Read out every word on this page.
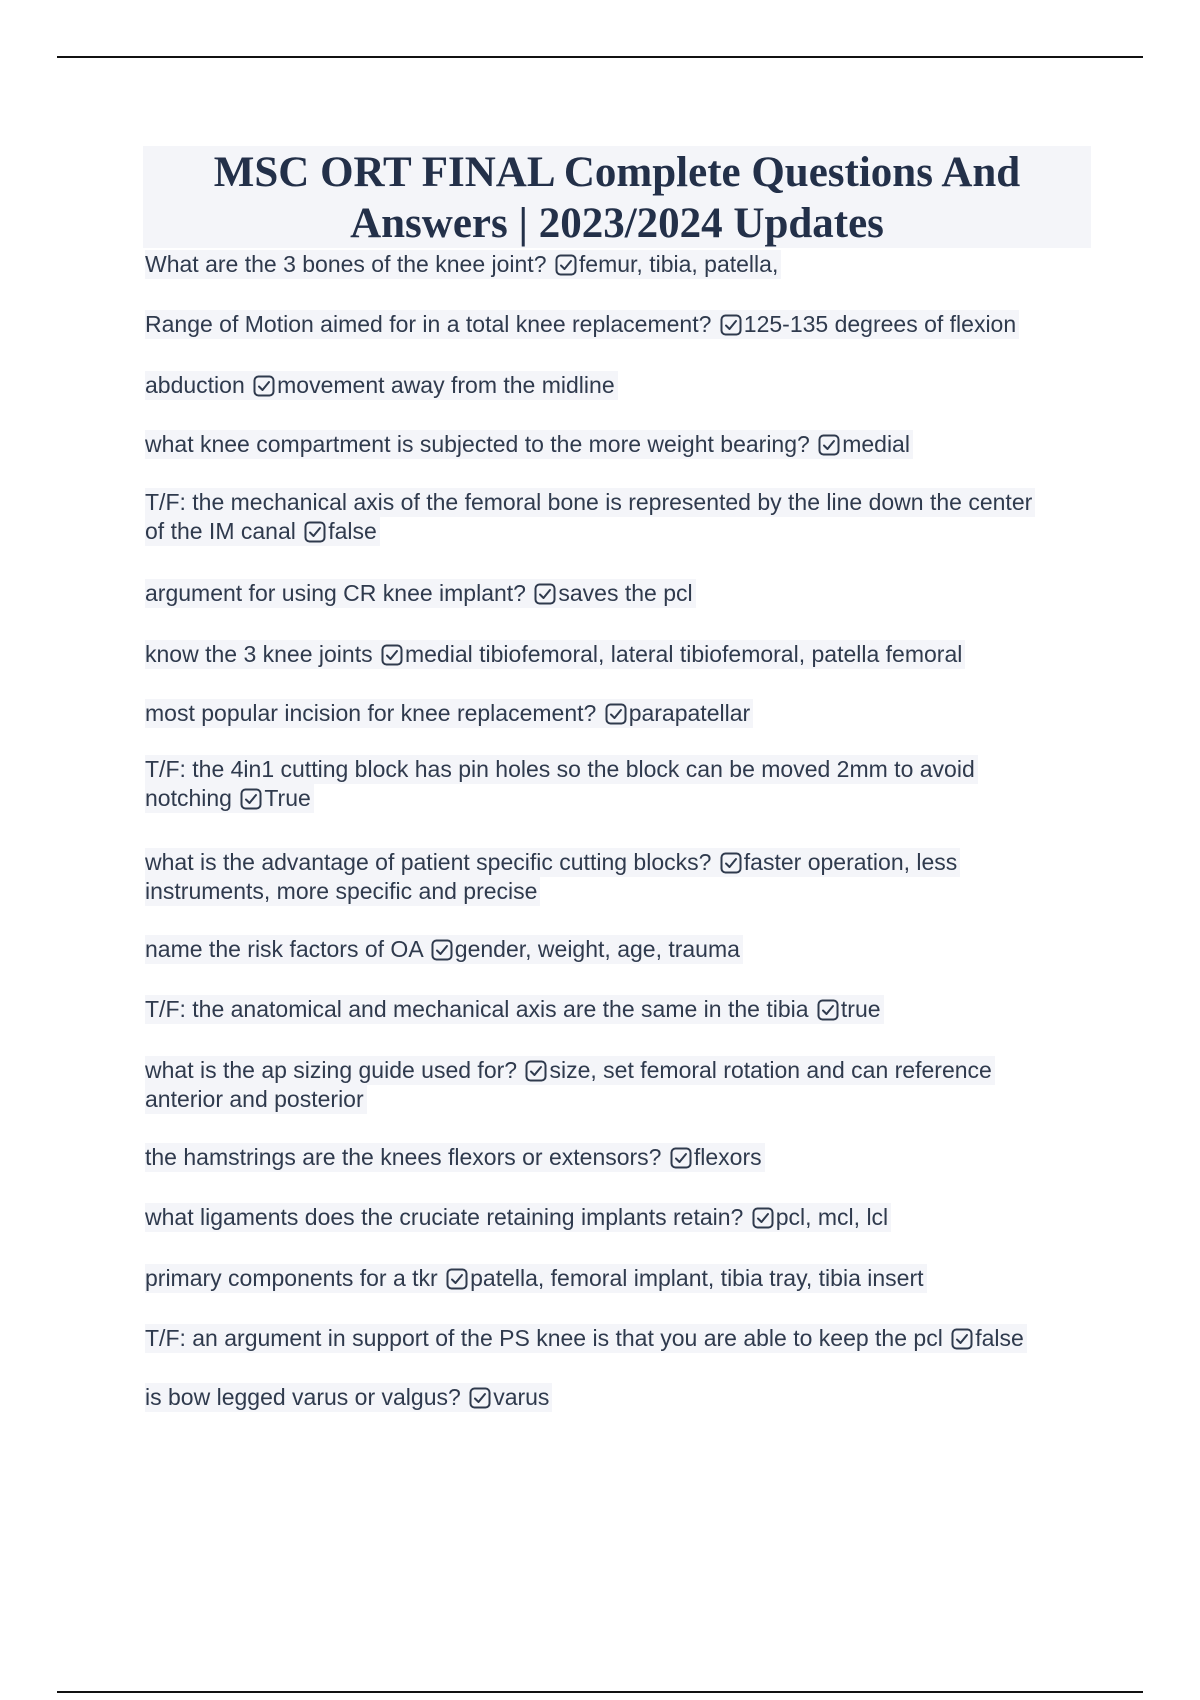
MSC ORT FINAL Complete Questions And
Answers | 2023/2024 Updates
What are the 3 bones of the knee joint? femur, tibia, patella,
Range of Motion aimed for in a total knee replacement? 125-135 degrees of flexion
abduction movement away from the midline
what knee compartment is subjected to the more weight bearing? medial
T/F: the mechanical axis of the femoral bone is represented by the line down the center
of the IM canal false
argument for using CR knee implant? saves the pcl
know the 3 knee joints medial tibiofemoral, lateral tibiofemoral, patella femoral
most popular incision for knee replacement? parapatellar
T/F: the 4in1 cutting block has pin holes so the block can be moved 2mm to avoid
notching True
what is the advantage of patient specific cutting blocks? faster operation, less
instruments, more specific and precise
name the risk factors of OA gender, weight, age, trauma
T/F: the anatomical and mechanical axis are the same in the tibia true
what is the ap sizing guide used for? size, set femoral rotation and can reference
anterior and posterior
the hamstrings are the knees flexors or extensors? flexors
what ligaments does the cruciate retaining implants retain? pcl, mcl, lcl
primary components for a tkr patella, femoral implant, tibia tray, tibia insert
T/F: an argument in support of the PS knee is that you are able to keep the pcl false
is bow legged varus or valgus? varus
